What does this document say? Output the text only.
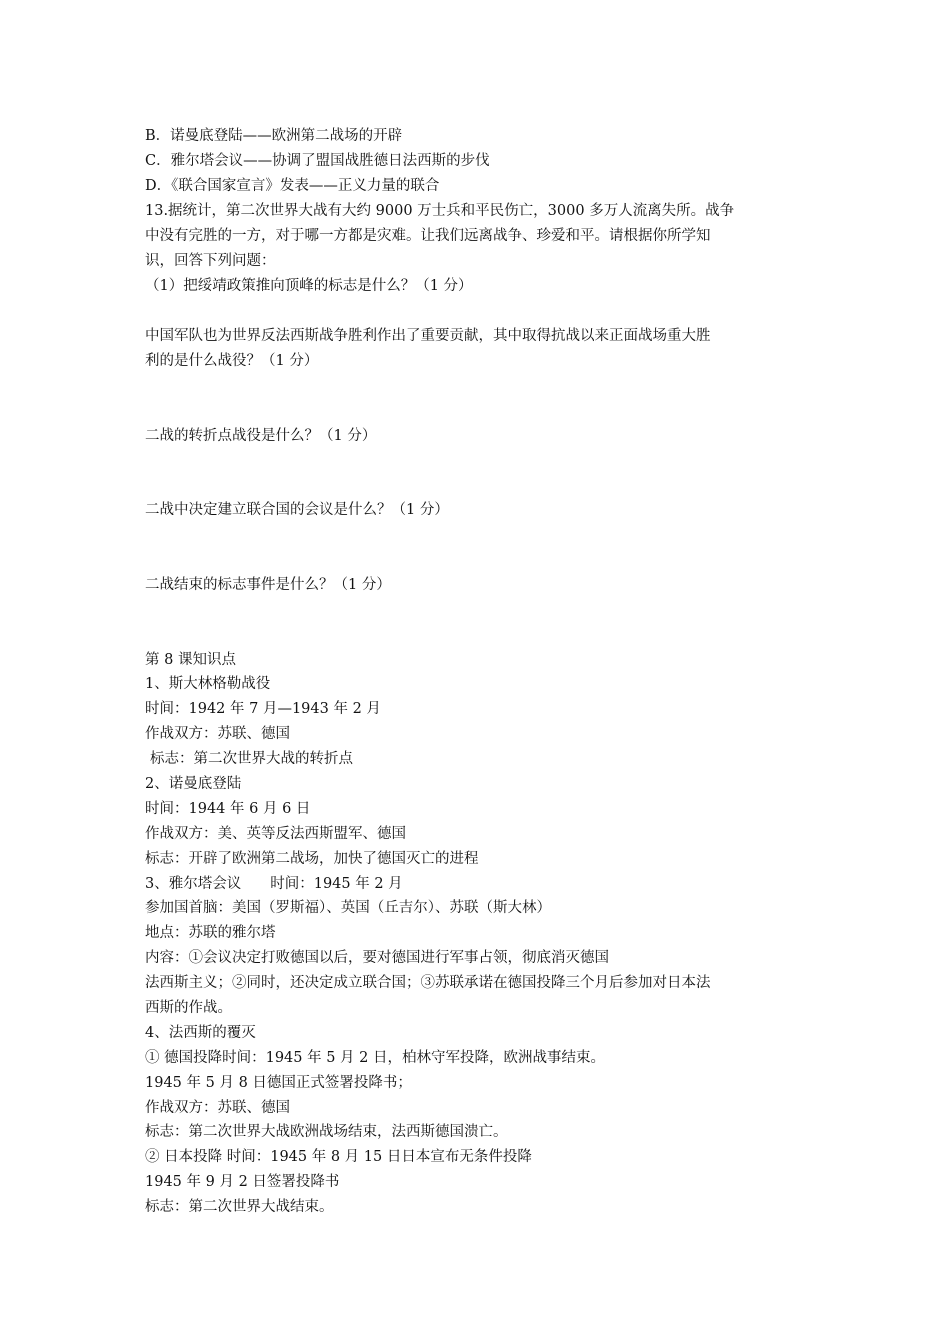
B．诺曼底登陆——欧洲第二战场的开辟
C．雅尔塔会议——协调了盟国战胜德日法西斯的步伐
D．《联合国家宣言》发表——正义力量的联合
13.据统计，第二次世界大战有大约 9000 万士兵和平民伤亡，3000 多万人流离失所。战争
中没有完胜的一方，对于哪一方都是灾难。让我们远离战争、珍爱和平。请根据你所学知
识，回答下列问题：
（1）把绥靖政策推向顶峰的标志是什么？（1 分）
中国军队也为世界反法西斯战争胜利作出了重要贡献，其中取得抗战以来正面战场重大胜
利的是什么战役？（1 分）
二战的转折点战役是什么？（1 分）
二战中决定建立联合国的会议是什么？（1 分）
二战结束的标志事件是什么？（1 分）
第 8 课知识点
1、斯大林格勒战役
时间：1942 年 7 月—1943 年 2 月
作战双方：苏联、德国
标志：第二次世界大战的转折点
2、诺曼底登陆
时间：1944 年 6 月 6 日
作战双方：美、英等反法西斯盟军、德国
标志：开辟了欧洲第二战场，加快了德国灭亡的进程
3、雅尔塔会议　　时间：1945 年 2 月
参加国首脑：美国（罗斯福）、英国（丘吉尔）、苏联（斯大林）
地点：苏联的雅尔塔
内容：①会议决定打败德国以后，要对德国进行军事占领，彻底消灭德国
法西斯主义；②同时，还决定成立联合国；③苏联承诺在德国投降三个月后参加对日本法
西斯的作战。
4、法西斯的覆灭
① 德国投降时间：1945 年 5 月 2 日，柏林守军投降，欧洲战事结束。
1945 年 5 月 8 日德国正式签署投降书；
作战双方：苏联、德国
标志：第二次世界大战欧洲战场结束，法西斯德国溃亡。
② 日本投降 时间：1945 年 8 月 15 日日本宣布无条件投降
1945 年 9 月 2 日签署投降书
标志：第二次世界大战结束。
